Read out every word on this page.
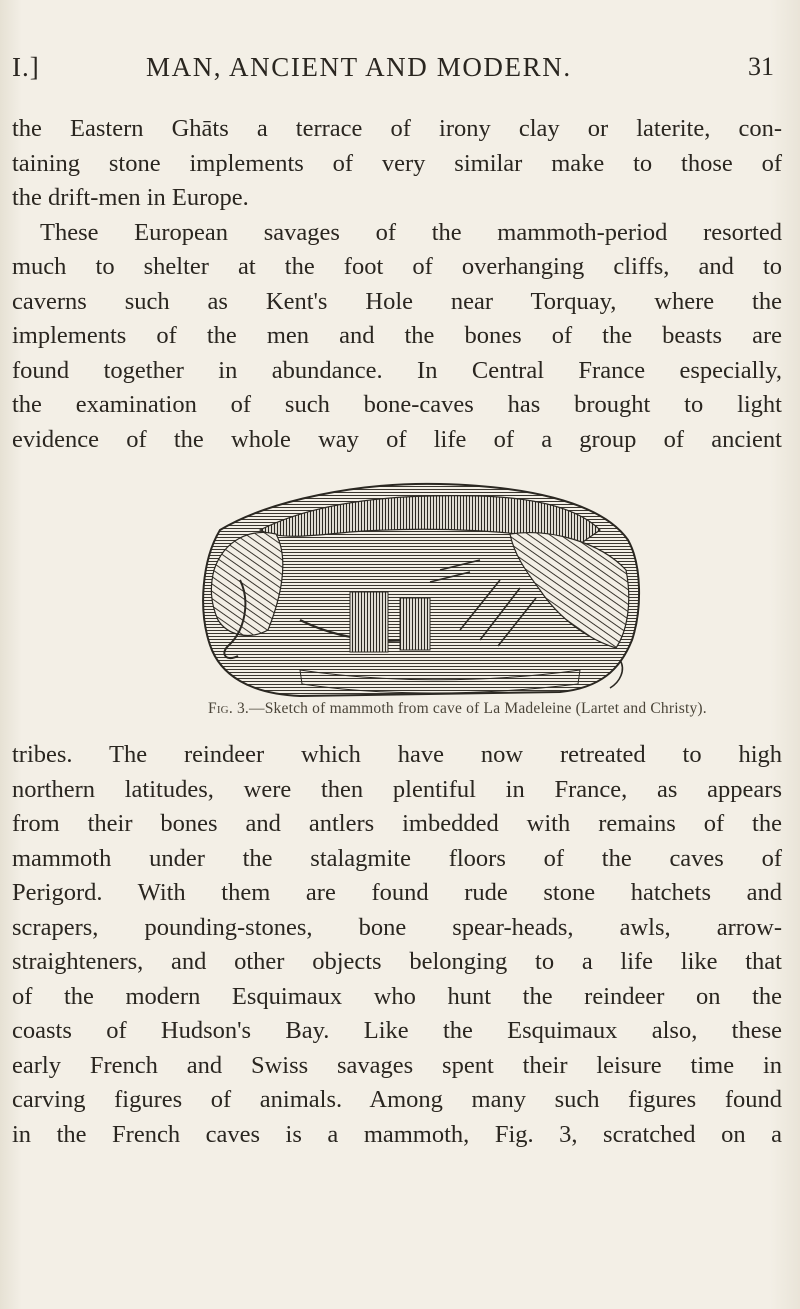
I.]	MAN, ANCIENT AND MODERN.	31
the Eastern Ghāts a terrace of irony clay or laterite, con-
taining stone implements of very similar make to those of
the drift-men in Europe.
These European savages of the mammoth-period resorted
much to shelter at the foot of overhanging cliffs, and to
caverns such as Kent's Hole near Torquay, where the
implements of the men and the bones of the beasts are
found together in abundance. In Central France especially,
the examination of such bone-caves has brought to light
evidence of the whole way of life of a group of ancient
Fig. 3.—Sketch of mammoth from cave of La Madeleine (Lartet and Christy).
tribes. The reindeer which have now retreated to high
northern latitudes, were then plentiful in France, as appears
from their bones and antlers imbedded with remains of the
mammoth under the stalagmite floors of the caves of
Perigord. With them are found rude stone hatchets and
scrapers, pounding-stones, bone spear-heads, awls, arrow-
straighteners, and other objects belonging to a life like that
of the modern Esquimaux who hunt the reindeer on the
coasts of Hudson's Bay. Like the Esquimaux also, these
early French and Swiss savages spent their leisure time in
carving figures of animals. Among many such figures found
in the French caves is a mammoth, Fig. 3, scratched on a
